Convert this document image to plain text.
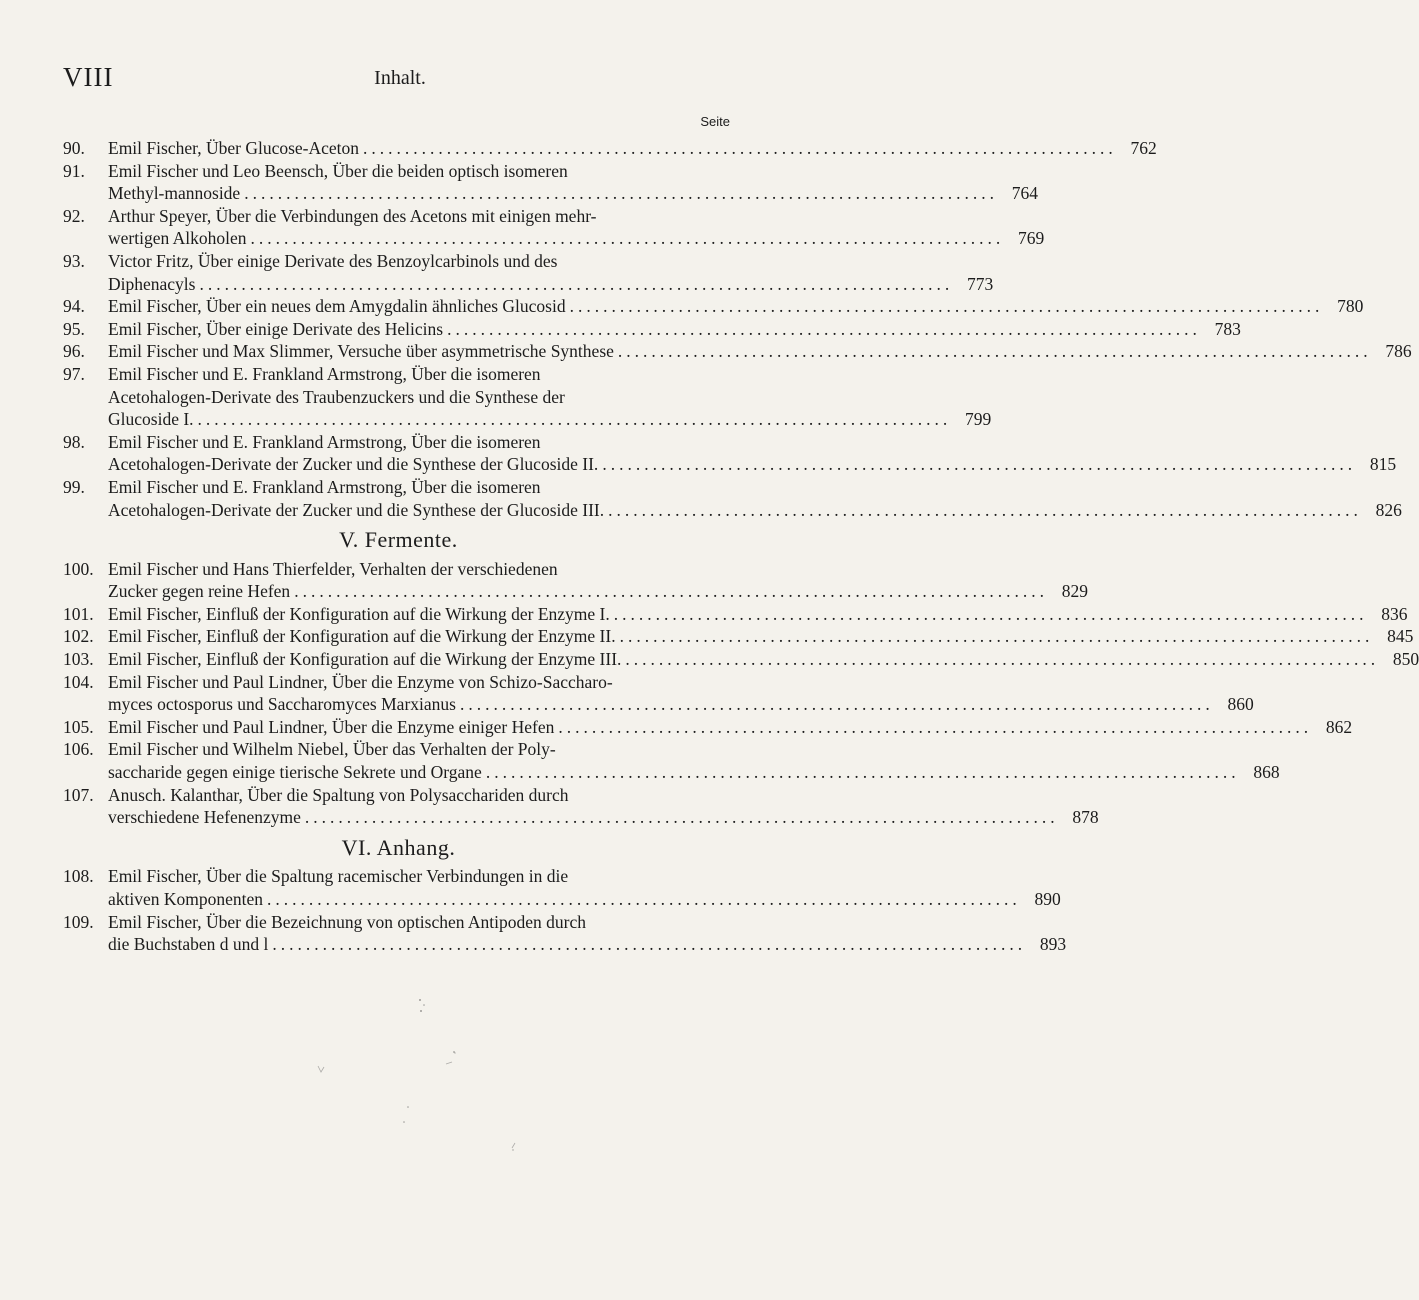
VIII	Inhalt.
Seite
90.	Emil Fischer, Über Glucose-Aceton .......................................................................................... 762
91.	Emil Fischer und Leo Beensch, Über die beiden optisch isomeren
Methyl-mannoside .......................................................................................... 764
92.	Arthur Speyer, Über die Verbindungen des Acetons mit einigen mehr-
wertigen Alkoholen .......................................................................................... 769
93.	Victor Fritz, Über einige Derivate des Benzoylcarbinols und des
Diphenacyls .......................................................................................... 773
94.	Emil Fischer, Über ein neues dem Amygdalin ähnliches Glucosid .......................................................................................... 780
95.	Emil Fischer, Über einige Derivate des Helicins .......................................................................................... 783
96.	Emil Fischer und Max Slimmer, Versuche über asymmetrische Synthese .......................................................................................... 786
97.	Emil Fischer und E. Frankland Armstrong, Über die isomeren
Acetohalogen-Derivate des Traubenzuckers und die Synthese der
Glucoside I. .......................................................................................... 799
98.	Emil Fischer und E. Frankland Armstrong, Über die isomeren
Acetohalogen-Derivate der Zucker und die Synthese der Glucoside II. .......................................................................................... 815
99.	Emil Fischer und E. Frankland Armstrong, Über die isomeren
Acetohalogen-Derivate der Zucker und die Synthese der Glucoside III. .......................................................................................... 826
V. Fermente.
100. Emil Fischer und Hans Thierfelder, Verhalten der verschiedenen
Zucker gegen reine Hefen .......................................................................................... 829
101. Emil Fischer, Einfluß der Konfiguration auf die Wirkung der Enzyme I. .......................................................................................... 836
102. Emil Fischer, Einfluß der Konfiguration auf die Wirkung der Enzyme II. .......................................................................................... 845
103. Emil Fischer, Einfluß der Konfiguration auf die Wirkung der Enzyme III. .......................................................................................... 850
104. Emil Fischer und Paul Lindner, Über die Enzyme von Schizo-Saccharo-
myces octosporus und Saccharomyces Marxianus .......................................................................................... 860
105. Emil Fischer und Paul Lindner, Über die Enzyme einiger Hefen .......................................................................................... 862
106. Emil Fischer und Wilhelm Niebel, Über das Verhalten der Poly-
saccharide gegen einige tierische Sekrete und Organe .......................................................................................... 868
107. Anusch. Kalanthar, Über die Spaltung von Polysacchariden durch
verschiedene Hefenenzyme .......................................................................................... 878
VI. Anhang.
108. Emil Fischer, Über die Spaltung racemischer Verbindungen in die
aktiven Komponenten .......................................................................................... 890
109. Emil Fischer, Über die Bezeichnung von optischen Antipoden durch
die Buchstaben d und l .......................................................................................... 893
